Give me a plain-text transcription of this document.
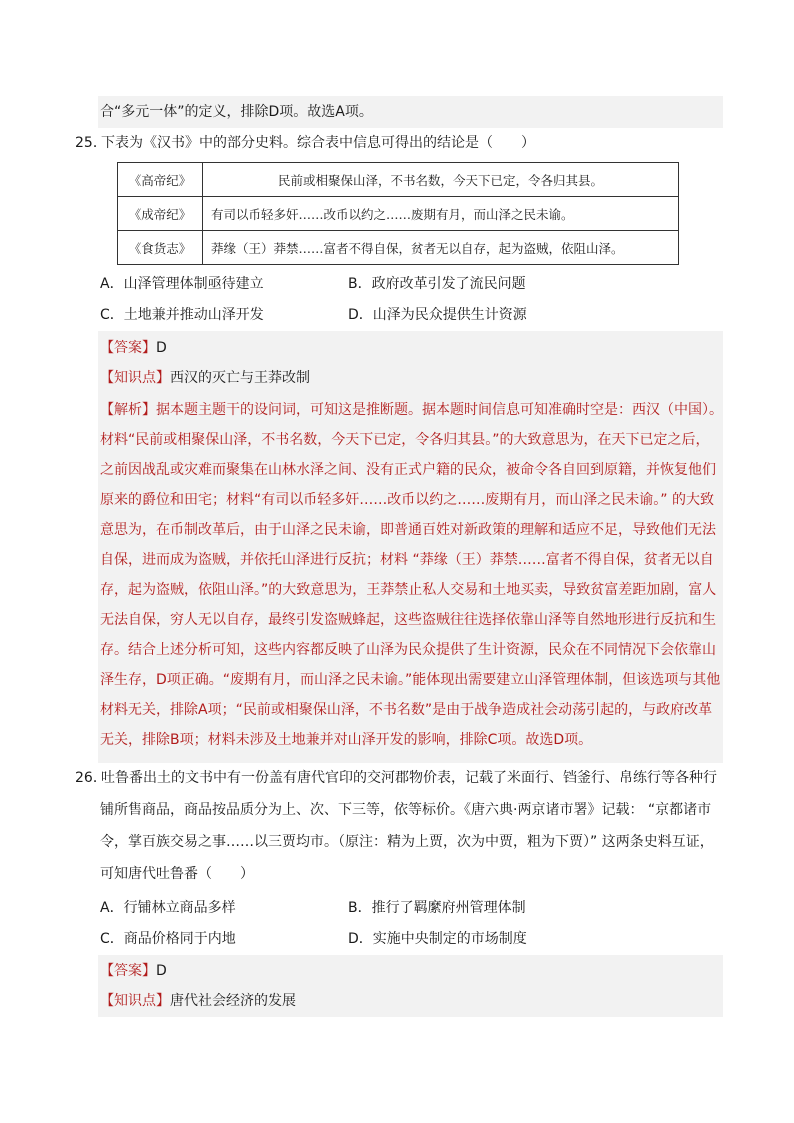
合“多元一体”的定义，排除D项。故选A项。
25．下表为《汉书》中的部分史料。综合表中信息可得出的结论是（　　）
《高帝纪》	民前或相聚保山泽，不书名数，今天下已定，令各归其县。
《成帝纪》	有司以币轻多奸……改币以约之……废期有月，而山泽之民未谕。
《食货志》	莽缘（王）莽禁……富者不得自保，贫者无以自存，起为盗贼，依阻山泽。
A．山泽管理体制亟待建立	B．政府改革引发了流民问题
C．土地兼并推动山泽开发	D．山泽为民众提供生计资源
【答案】D
【知识点】西汉的灭亡与王莽改制
【解析】据本题主题干的设问词，可知这是推断题。据本题时间信息可知准确时空是：西汉（中国）。
材料“民前或相聚保山泽，不书名数，今天下已定，令各归其县。”的大致意思为，在天下已定之后，
之前因战乱或灾难而聚集在山林水泽之间、没有正式户籍的民众，被命令各自回到原籍，并恢复他们
原来的爵位和田宅；材料“有司以币轻多奸……改币以约之……废期有月，而山泽之民未谕。” 的大致
意思为，在币制改革后，由于山泽之民未谕，即普通百姓对新政策的理解和适应不足，导致他们无法
自保，进而成为盗贼，并依托山泽进行反抗；材料 “莽缘（王）莽禁……富者不得自保，贫者无以自
存，起为盗贼，依阻山泽。”的大致意思为，王莽禁止私人交易和土地买卖，导致贫富差距加剧，富人
无法自保，穷人无以自存，最终引发盗贼蜂起，这些盗贼往往选择依靠山泽等自然地形进行反抗和生
存。结合上述分析可知，这些内容都反映了山泽为民众提供了生计资源，民众在不同情况下会依靠山
泽生存，D项正确。“废期有月，而山泽之民未谕。”能体现出需要建立山泽管理体制，但该选项与其他
材料无关，排除A项；“民前或相聚保山泽，不书名数”是由于战争造成社会动荡引起的，与政府改革
无关，排除B项；材料未涉及土地兼并对山泽开发的影响，排除C项。故选D项。
26．吐鲁番出土的文书中有一份盖有唐代官印的交河郡物价表，记载了米面行、铛釜行、帛练行等各种行
铺所售商品，商品按品质分为上、次、下三等，依等标价。《唐六典·两京诸市署》记载： “京都诸市
令，掌百族交易之事……以三贾均市。（原注：精为上贾，次为中贾，粗为下贾）” 这两条史料互证，
可知唐代吐鲁番（　　）
A．行铺林立商品多样	B．推行了羁縻府州管理体制
C．商品价格同于内地	D．实施中央制定的市场制度
【答案】D
【知识点】唐代社会经济的发展
